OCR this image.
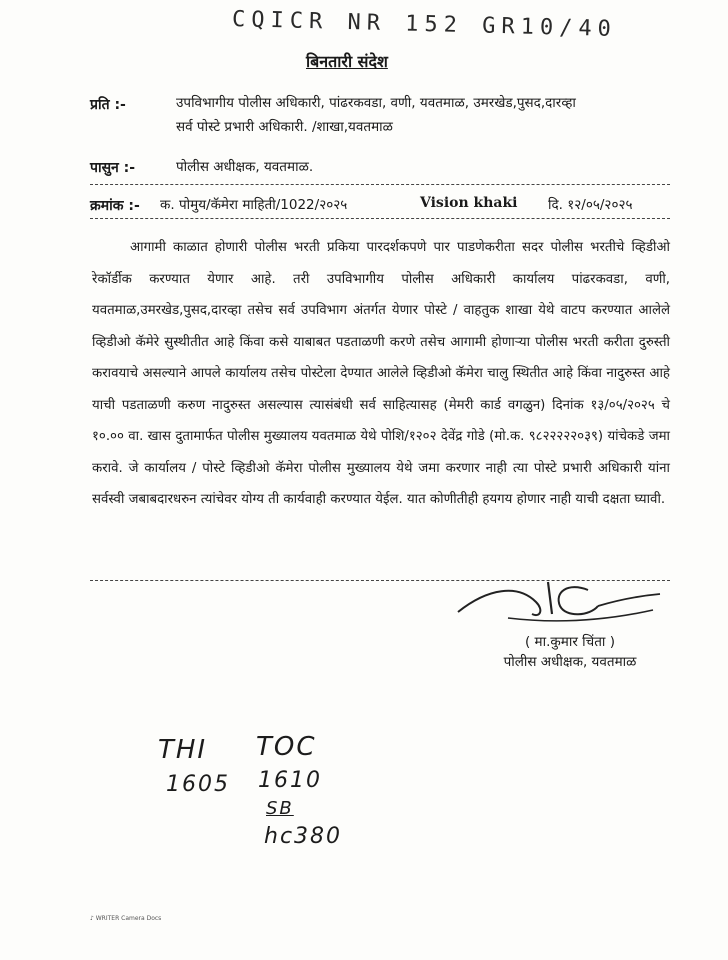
CQICR NR 152 GR10/40
बिनतारी संदेश
प्रति :-	उपविभागीय पोलीस अधिकारी, पांढरकवडा, वणी, यवतमाळ, उमरखेड,पुसद,दारव्हा
सर्व पोस्टे प्रभारी अधिकारी. /शाखा,यवतमाळ
पासुन :-	पोलीस अधीक्षक, यवतमाळ.
क्रमांक :- क. पोमुय/कॅमेरा माहिती/1022/२०२५	Vision khaki दि. १२/०५/२०२५
आगामी काळात होणारी पोलीस भरती प्रकिया पारदर्शकपणे पार पाडणेकरीता सदर पोलीस भरतीचे व्हिडीओ रेकॉर्डीक करण्यात येणार आहे. तरी उपविभागीय पोलीस अधिकारी कार्यालय पांढरकवडा, वणी, यवतमाळ,उमरखेड,पुसद,दारव्हा तसेच सर्व उपविभाग अंतर्गत येणार पोस्टे / वाहतुक शाखा येथे वाटप करण्यात आलेले व्हिडीओ कॅमेरे सुस्थीतीत आहे किंवा कसे याबाबत पडताळणी करणे तसेच आगामी होणाऱ्या पोलीस भरती करीता दुरुस्ती करावयाचे असल्याने आपले कार्यालय तसेच पोस्टेला देण्यात आलेले व्हिडीओ कॅमेरा चालु स्थितीत आहे किंवा नादुरुस्त आहे याची पडताळणी करुण नादुरुस्त असल्यास त्यासंबंधी सर्व साहित्यासह (मेमरी कार्ड वगळुन) दिनांक १३/०५/२०२५ चे १०.०० वा. खास दुतामार्फत पोलीस मुख्यालय यवतमाळ येथे पोशि/१२०२ देवेंद्र गोडे (मो.क. ९८२२२२२०३९) यांचेकडे जमा करावे. जे कार्यालय / पोस्टे व्हिडीओ कॅमेरा पोलीस मुख्यालय येथे जमा करणार नाही त्या पोस्टे प्रभारी अधिकारी यांना सर्वस्वी जबाबदारधरुन त्यांचेवर योग्य ती कार्यवाही करण्यात येईल. यात कोणीतीही हयगय होणार नाही याची दक्षता घ्यावी.
( मा.कुमार चिंता )
पोलीस अधीक्षक, यवतमाळ
THI TOC
1605 1610
SB
hc380
♪ WRITER Camera Docs
